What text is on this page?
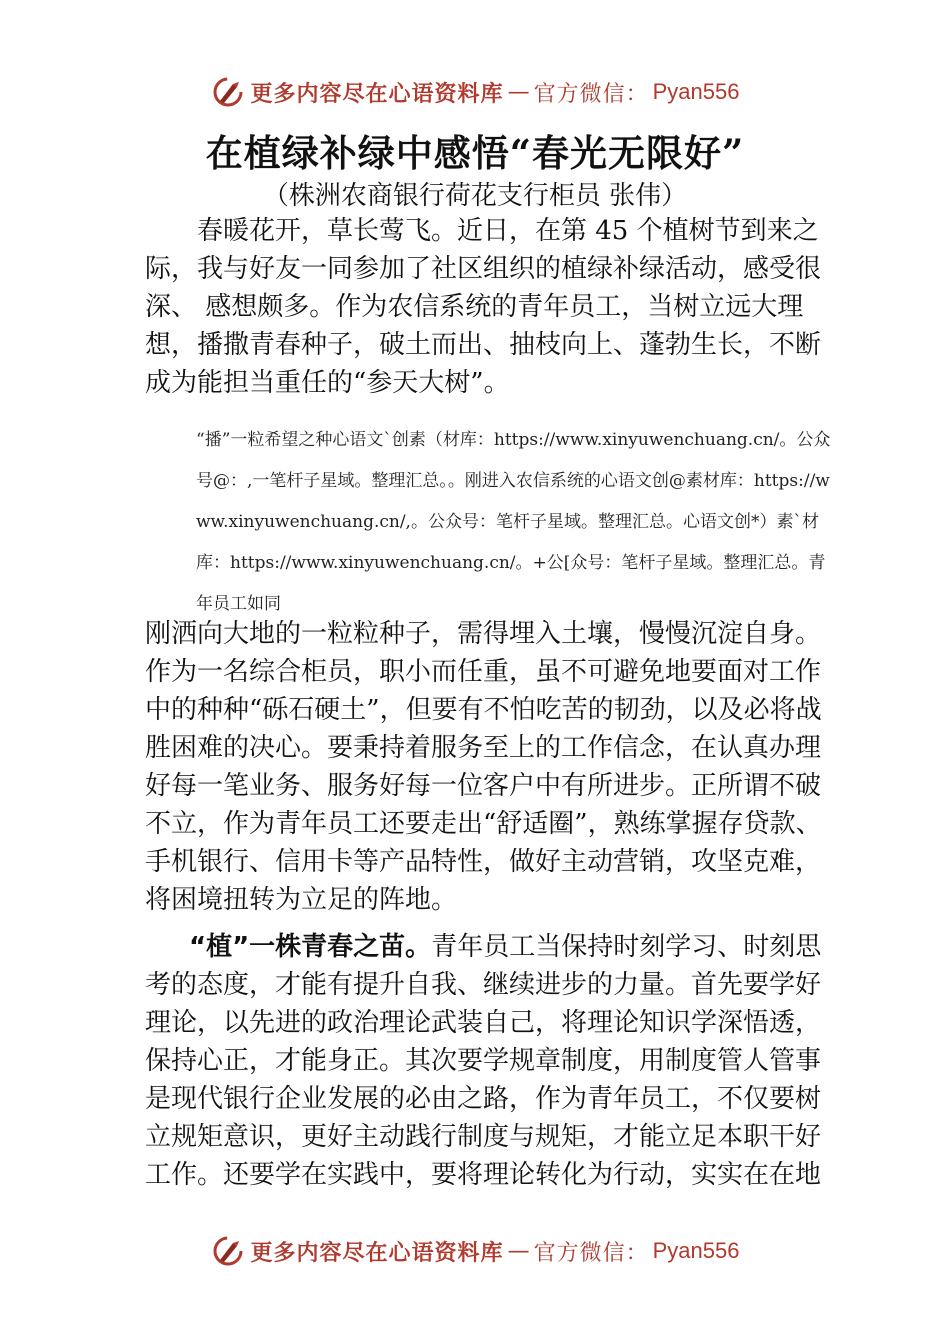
更多内容尽在心语资料库 — 官方微信： Pyan556
在植绿补绿中感悟“春光无限好”
（株洲农商银行荷花支行柜员 张伟）

春暖花开，草长莺飞。近日，在第 45 个植树节到来之际，我与好友一同参加了社区组织的植绿补绿活动，感受很深、 感想颇多。作为农信系统的青年员工，当树立远大理想，播撒青春种子，破土而出、抽枝向上、蓬勃生长，不断成为能担当重任的“参天大树”。

“播”一粒希望之种心语文`创素（材库：https://www.xinyuwenchuang.cn/。公众号@：,一笔杆子星域。整理汇总。。刚进入农信系统的心语文创@素材库：https://www.xinyuwenchuang.cn/,。公众号：笔杆子星域。整理汇总。心语文创*）素`材库：https://www.xinyuwenchuang.cn/。+公[众号：笔杆子星域。整理汇总。青年员工如同

刚洒向大地的一粒粒种子，需得埋入土壤，慢慢沉淀自身。 作为一名综合柜员，职小而任重，虽不可避免地要面对工作中的种种“砾石硬土”，但要有不怕吃苦的韧劲，以及必将战胜困难的决心。要秉持着服务至上的工作信念，在认真办理好每一笔业务、服务好每一位客户中有所进步。正所谓不破不立，作为青年员工还要走出“舒适圈”，熟练掌握存贷款、手机银行、信用卡等产品特性，做好主动营销，攻坚克难，将困境扭转为立足的阵地。

“植”一株青春之苗。青年员工当保持时刻学习、时刻思考的态度，才能有提升自我、继续进步的力量。首先要学好理论，以先进的政治理论武装自己，将理论知识学深悟透，保持心正，才能身正。其次要学规章制度，用制度管人管事是现代银行企业发展的必由之路，作为青年员工，不仅要树立规矩意识，更好主动践行制度与规矩，才能立足本职干好工作。还要学在实践中，要将理论转化为行动，实实在在地

更多内容尽在心语资料库 — 官方微信： Pyan556
